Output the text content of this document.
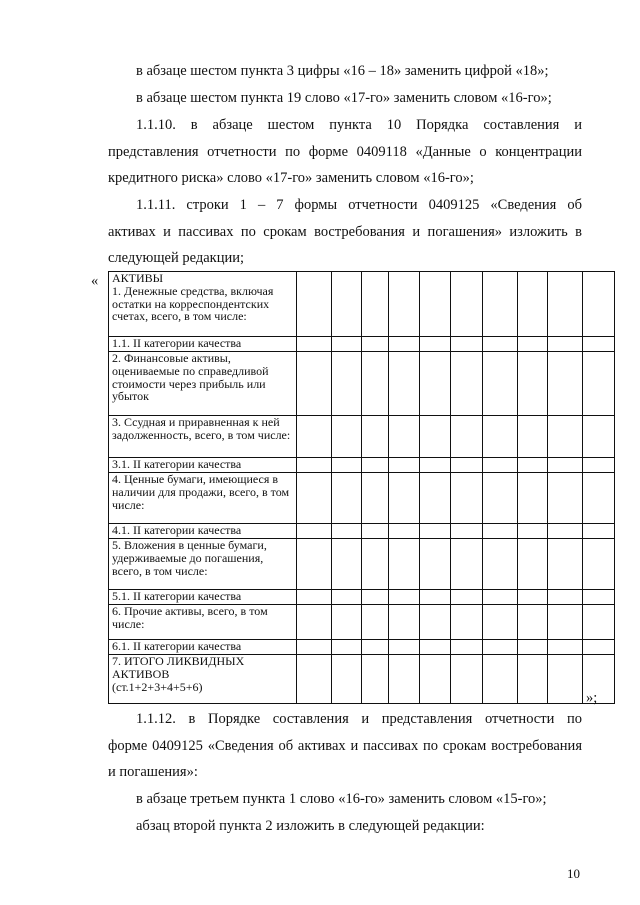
в абзаце шестом пункта 3 цифры «16 – 18» заменить цифрой «18»;
в абзаце шестом пункта 19 слово «17-го» заменить словом «16-го»;
1.1.10. в абзаце шестом пункта 10 Порядка составления и
представления отчетности по форме 0409118 «Данные о концентрации
кредитного риска» слово «17-го» заменить словом «16-го»;
1.1.11. строки 1 – 7 формы отчетности 0409125 «Сведения об
активах и пассивах по срокам востребования и погашения» изложить в
следующей редакции;
« АКТИВЫ
1. Денежные средства, включая остатки на корреспондентских счетах, всего, в том числе:										
1.1. II категории качества										
2. Финансовые активы, оцениваемые по справедливой стоимости через прибыль или убыток										
3. Ссудная и приравненная к ней задолженность, всего, в том числе:										
3.1. II категории качества										
4. Ценные бумаги, имеющиеся в наличии для продажи, всего, в том числе:										
4.1. II категории качества										
5. Вложения в ценные бумаги, удерживаемые до погашения, всего, в том числе:										
5.1. II категории качества										
6. Прочие активы, всего, в том числе:										
6.1. II категории качества										
7. ИТОГО ЛИКВИДНЫХ АКТИВОВ
(ст.1+2+3+4+5+6)										
»;
1.1.12. в Порядке составления и представления отчетности по
форме 0409125 «Сведения об активах и пассивах по срокам востребования
и погашения»:
в абзаце третьем пункта 1 слово «16-го» заменить словом «15-го»;
абзац второй пункта 2 изложить в следующей редакции:
10
